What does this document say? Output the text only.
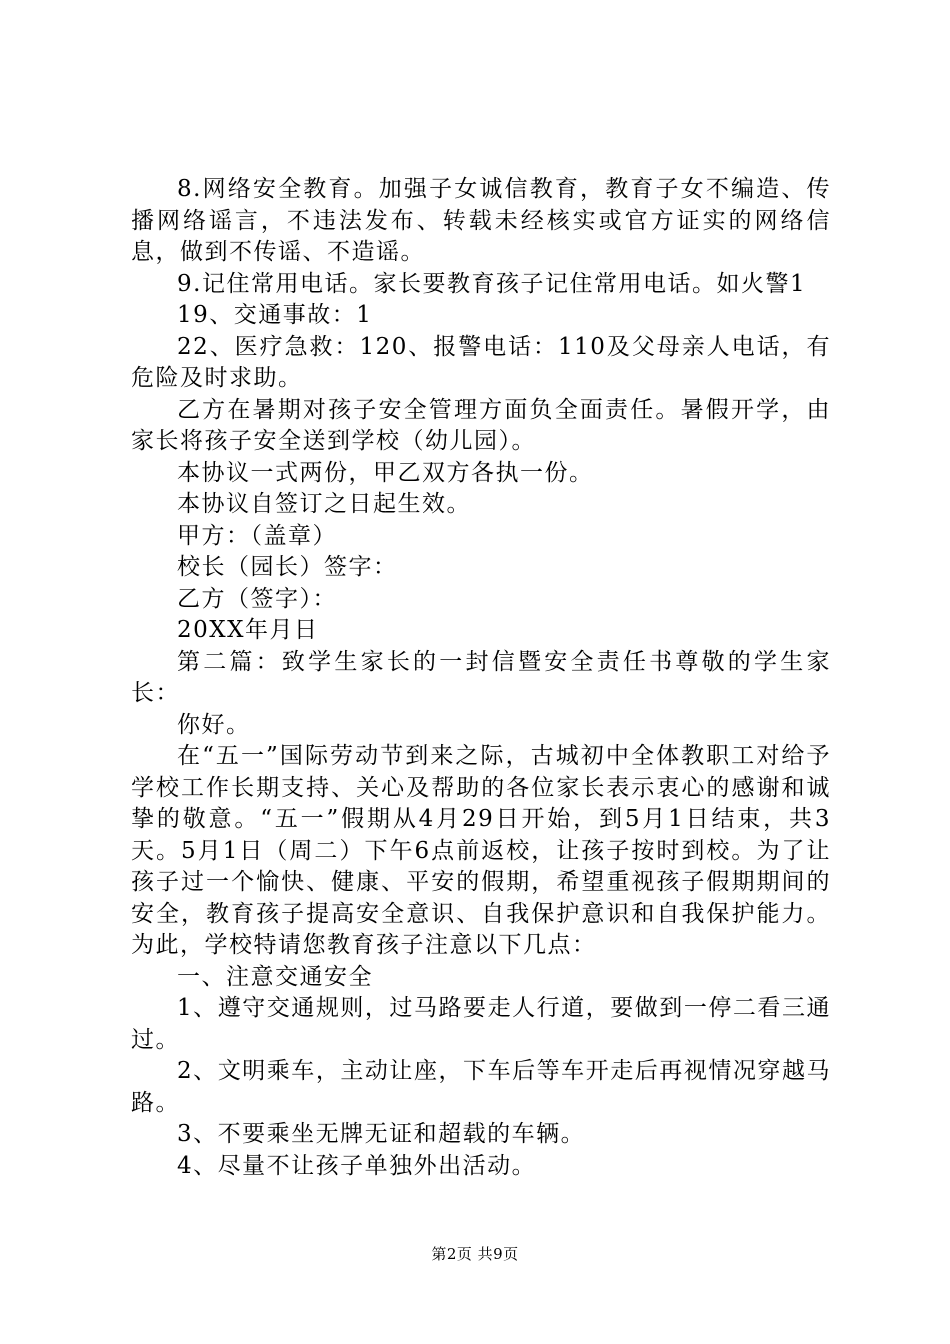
8.网络安全教育。加强子女诚信教育，教育子女不编造、传播网络谣言，不违法发布、转载未经核实或官方证实的网络信息，做到不传谣、不造谣。

9.记住常用电话。家长要教育孩子记住常用电话。如火警1

19、交通事故：1

22、医疗急救：120、报警电话：110及父母亲人电话，有危险及时求助。

乙方在暑期对孩子安全管理方面负全面责任。暑假开学，由家长将孩子安全送到学校（幼儿园）。

本协议一式两份，甲乙双方各执一份。

本协议自签订之日起生效。

甲方：（盖章）

校长（园长）签字：

乙方（签字）：

20XX年月日

第二篇：致学生家长的一封信暨安全责任书尊敬的学生家长：

你好。

在“五一”国际劳动节到来之际，古城初中全体教职工对给予学校工作长期支持、关心及帮助的各位家长表示衷心的感谢和诚挚的敬意。“五一”假期从4月29日开始，到5月1日结束，共3天。5月1日（周二）下午6点前返校，让孩子按时到校。为了让孩子过一个愉快、健康、平安的假期，希望重视孩子假期期间的安全，教育孩子提高安全意识、自我保护意识和自我保护能力。为此，学校特请您教育孩子注意以下几点：

一、注意交通安全

1、遵守交通规则，过马路要走人行道，要做到一停二看三通过。

2、文明乘车，主动让座，下车后等车开走后再视情况穿越马路。

3、不要乘坐无牌无证和超载的车辆。

4、尽量不让孩子单独外出活动。

第2页 共9页
